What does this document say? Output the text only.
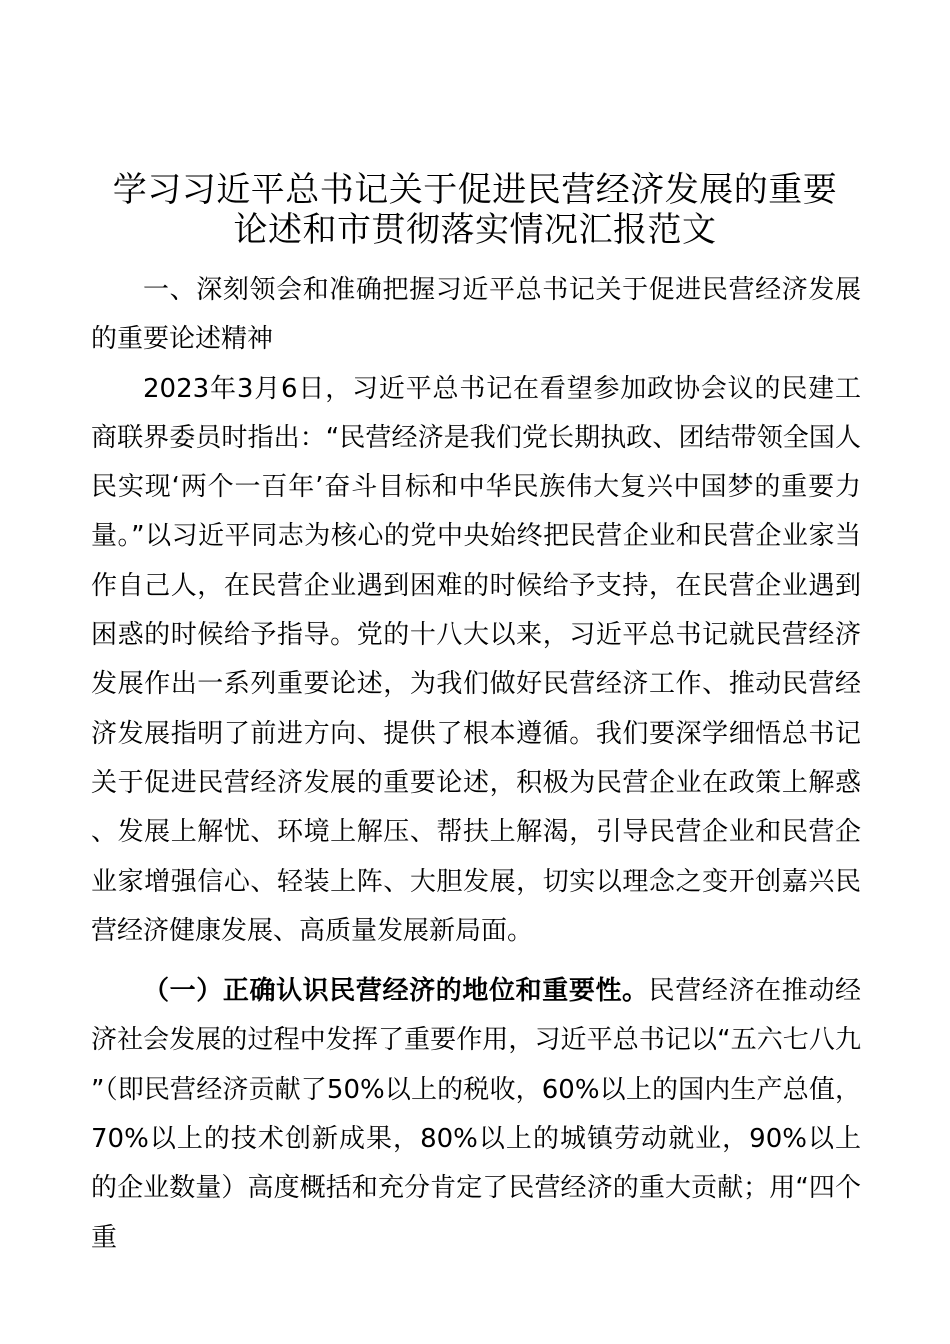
学习习近平总书记关于促进民营经济发展的重要
论述和市贯彻落实情况汇报范文

一、深刻领会和准确把握习近平总书记关于促进民营经济发展的重要论述精神

2023年3月6日，习近平总书记在看望参加政协会议的民建工商联界委员时指出：“民营经济是我们党长期执政、团结带领全国人民实现‘两个一百年’奋斗目标和中华民族伟大复兴中国梦的重要力量。”以习近平同志为核心的党中央始终把民营企业和民营企业家当作自己人，在民营企业遇到困难的时候给予支持，在民营企业遇到困惑的时候给予指导。党的十八大以来，习近平总书记就民营经济发展作出一系列重要论述，为我们做好民营经济工作、推动民营经济发展指明了前进方向、提供了根本遵循。我们要深学细悟总书记关于促进民营经济发展的重要论述，积极为民营企业在政策上解惑、发展上解忧、环境上解压、帮扶上解渴，引导民营企业和民营企业家增强信心、轻装上阵、大胆发展，切实以理念之变开创嘉兴民营经济健康发展、高质量发展新局面。

（一）正确认识民营经济的地位和重要性。民营经济在推动经济社会发展的过程中发挥了重要作用，习近平总书记以“五六七八九”（即民营经济贡献了50%以上的税收，60%以上的国内生产总值，70%以上的技术创新成果，80%以上的城镇劳动就业，90%以上的企业数量）高度概括和充分肯定了民营经济的重大贡献；用“四个重
